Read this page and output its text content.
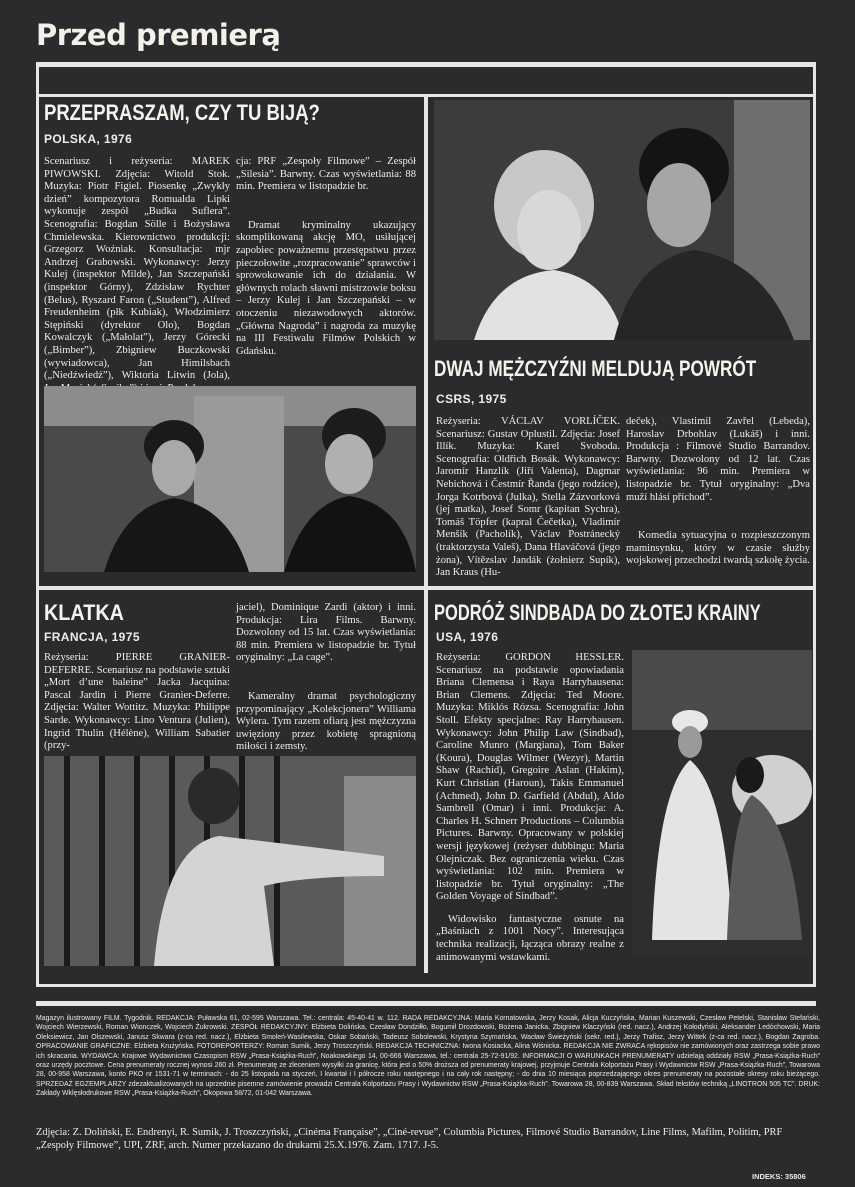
Przed premierą
PRZEPRASZAM, CZY TU BIJĄ?
POLSKA, 1976
Scenariusz i reżyseria: MAREK PIWOWSKI. Zdjęcia: Witold Stok. Muzyka: Piotr Figiel. Piosenkę „Zwykły dzień” kompozytora Romualda Lipki wykonuje zespół „Budka Suflera”. Scenografia: Bogdan Sölle i Bożysława Chmielewska. Kierownictwo produkcji: Grzegorz Woźniak. Konsultacja: mjr Andrzej Grabowski. Wykonawcy: Jerzy Kulej (inspektor Milde), Jan Szczepański (inspektor Górny), Zdzisław Rychter (Belus), Ryszard Faron („Student”), Alfred Freudenheim (płk Kubiak), Włodzimierz Stępiński (dyrektor Olo), Bogdan Kowalczyk („Małolat”), Jerzy Górecki („Bimber”), Zbigniew Buczkowski (wywiadowca), Jan Himilsbach („Niedźwiedź”), Wiktoria Litwin (Jola),
cja: PRF „Zespoły Filmowe” – Zespół „Silesia”. Barwny. Czas wyświetlania: 88 min. Premiera w listopadzie br.
Dramat kryminalny ukazujący skomplikowaną akcję MO, usiłującej zapobiec poważnemu przestępstwu przez pieczołowite „rozpracowanie” sprawców i sprowokowanie ich do działania. W głównych rolach sławni mistrzowie boksu – Jerzy Kulej i Jan Szczepański – w otoczeniu niezawodowych aktorów. „Główna Nagroda” i nagroda za muzykę na III Festiwalu Filmów Polskich w Gdańsku.
DWAJ MĘŻCZYŹNI MELDUJĄ POWRÓT
CSRS, 1975
Reżyseria: VÁCLAV VORLÍČEK. Scenariusz: Gustav Oplustil. Zdjęcia: Josef Illík. Muzyka: Karel Svoboda. Scenografia: Oldřich Bosák. Wykonawcy: Jaromír Hanzlík (Jiří Valenta), Dagmar Nebichová i Čestmír Řanda (jego rodzice), Jorga Kotrbová (Julka), Stella Zázvorková (jej matka), Josef Somr (kapitan Sychra), Tomáš Töpfer (kapral Čečetka), Vladimír Menšík (Pacholík), Václav Postránecký (traktorzysta Valeš), Dana Hlaváčová (jego żona), Vítězslav Jandák (żołnierz Supík), Jan Kraus (Hu-
deček), Vlastimil Zavřel (Lebeda), Haroslav Drbohlav (Lukáš) i inni. Produkcja : Filmové Studio Barrandov. Barwny. Dozwolony od 12 lat. Czas wyświetlania: 96 min. Premiera w listopadzie br. Tytuł oryginalny: „Dva muží hlásí příchod”.
Komedia sytuacyjna o rozpieszczonym maminsynku, który w czasie służby wojskowej przechodzi twardą szkołę życia.
KLATKA
FRANCJA, 1975
Reżyseria: PIERRE GRANIER-DEFERRE. Scenariusz na podstawie sztuki „Mort d’une baleine” Jacka Jacquina: Pascal Jardin i Pierre Granier-Deferre. Zdjęcia: Walter Wottitz. Muzyka: Philippe Sarde. Wykonawcy: Lino Ventura (Julien), Ingrid Thulin (Hélène), William Sabatier (przy-
jaciel), Dominique Zardi (aktor) i inni. Produkcja: Lira Films. Barwny. Dozwolony od 15 lat. Czas wyświetlania: 88 min. Premiera w listopadzie br. Tytuł oryginalny: „La cage”.
Kameralny dramat psychologiczny przypominający „Kolekcjonera” Williama Wylera. Tym razem ofiarą jest mężczyzna uwięziony przez kobietę spragnioną miłości i zemsty.
PODRÓŻ SINDBADA DO ZŁOTEJ KRAINY
USA, 1976
Reżyseria: GORDON HESSLER. Scenariusz na podstawie opowiadania Briana Clemensa i Raya Harryhausena: Brian Clemens. Zdjęcia: Ted Moore. Muzyka: Miklós Rózsa. Scenografia: John Stoll. Efekty specjalne: Ray Harryhausen. Wykonawcy: John Philip Law (Sindbad), Caroline Munro (Margiana), Tom Baker (Koura), Douglas Wilmer (Wezyr), Martin Shaw (Rachid), Gregoire Aslan (Hakim), Kurt Christian (Haroun), Takis Emmanuel (Achmed), John D. Garfield (Abdul), Aldo Sambrell (Omar) i inni. Produkcja: A. Charles H. Schnerr Productions – Columbia Pictures. Barwny. Opracowany w polskiej wersji językowej (reżyser dubbingu: Maria Olejniczak. Bez ograniczenia wieku. Czas wyświetlania: 102 min. Premiera w listopadzie br. Tytuł oryginalny: „The Golden Voyage of Sindbad”.
Widowisko fantastyczne osnute na „Baśniach z 1001 Nocy”. Interesująca technika realizacji, łącząca obrazy realne z animowanymi wstawkami.
Magazyn ilustrowany FILM. Tygodnik. REDAKCJA: Puławska 61, 02-595 Warszawa. Tel.: centrala: 45-40-41 w. 112. RADA REDAKCYJNA: Maria Kornatowska, Jerzy Kosak, Alicja Kuczyńska, Marian Kuszewski, Czesław Petelski, Stanisław Stefański, Wojciech Wierzewski, Roman Wionczek, Wojciech Żukrowski. ZESPÓŁ REDAKCYJNY: Elżbieta Dolińska, Czesław Dondziłło, Bogumił Drozdowski, Bożena Janicka, Zbigniew Klaczyński (red. nacz.), Andrzej Kołodyński, Aleksander Ledóchowski, Maria Oleksiewicz, Jan Olszewski, Janusz Skwara (z-ca red. nacz.), Elżbieta Smoleń-Wasilewska, Oskar Sobański, Tadeusz Sobolewski, Krystyna Szymańska, Wacław Świeżyński (sekr. red.), Jerzy Trafisz, Jerzy Wittek (z-ca red. nacz.), Bogdan Zagroba. OPRACOWANIE GRAFICZNE: Elżbieta Krużyńska. FOTOREPORTERZY: Roman Sumik, Jerzy Troszczyński. REDAKCJA TECHNICZNA: Iwona Kosiacka, Alina Wiśnicka. REDAKCJA NIE ZWRACA rękopisów nie zamówionych oraz zastrzega sobie prawo ich skracania. WYDAWCA: Krajowe Wydawnictwo Czasopism RSW „Prasa-Książka-Ruch”, Noakowskiego 14, 00-666 Warszawa, tel.: centrala 25-72-91/92. INFORMACJI O WARUNKACH PRENUMERATY udzielają oddziały RSW „Prasa-Książka-Ruch” oraz urzędy pocztowe. Cena prenumeraty rocznej wynosi 260 zł. Prenumeratę ze zleceniem wysyłki za granicę, która jest o 50% droższa od prenumeraty krajowej, przyjmuje Centrala Kolportażu Prasy i Wydawnictw RSW „Prasa-Książka-Ruch”, Towarowa 28, 00-958 Warszawa, konto PKO nr 1531-71 w terminach: - do 25 listopada na styczeń, I kwartał i I półrocze roku następnego i na cały rok następny; - do dnia 10 miesiąca poprzedzającego okres prenumeraty na pozostałe okresy roku bieżącego. SPRZEDAŻ EGZEMPLARZY zdezaktualizowanych na uprzednie pisemne zamówienie prowadzi Centrala Kolportażu Prasy i Wydawnictw RSW „Prasa-Książka-Ruch”. Towarowa 28, 00-839 Warszawa. Skład tekstów techniką „LINOTRON 505 TC”. DRUK: Zakłady Wklęsłodrukowe RSW „Prasa-Książka-Ruch”, Okopowa 58/72, 01-042 Warszawa.
Zdjęcia: Z. Doliński, E. Endrenyi, R. Sumik, J. Troszczyński, „Cinéma Française”, „Ciné-revue”, Columbia Pictures, Filmové Studio Barrandov, Line Films, Mafilm, Politim, PRF „Zespoły Filmowe”, UPI, ZRF, arch. Numer przekazano do drukarni 25.X.1976. Zam. 1717. J-5.
INDEKS: 35806
